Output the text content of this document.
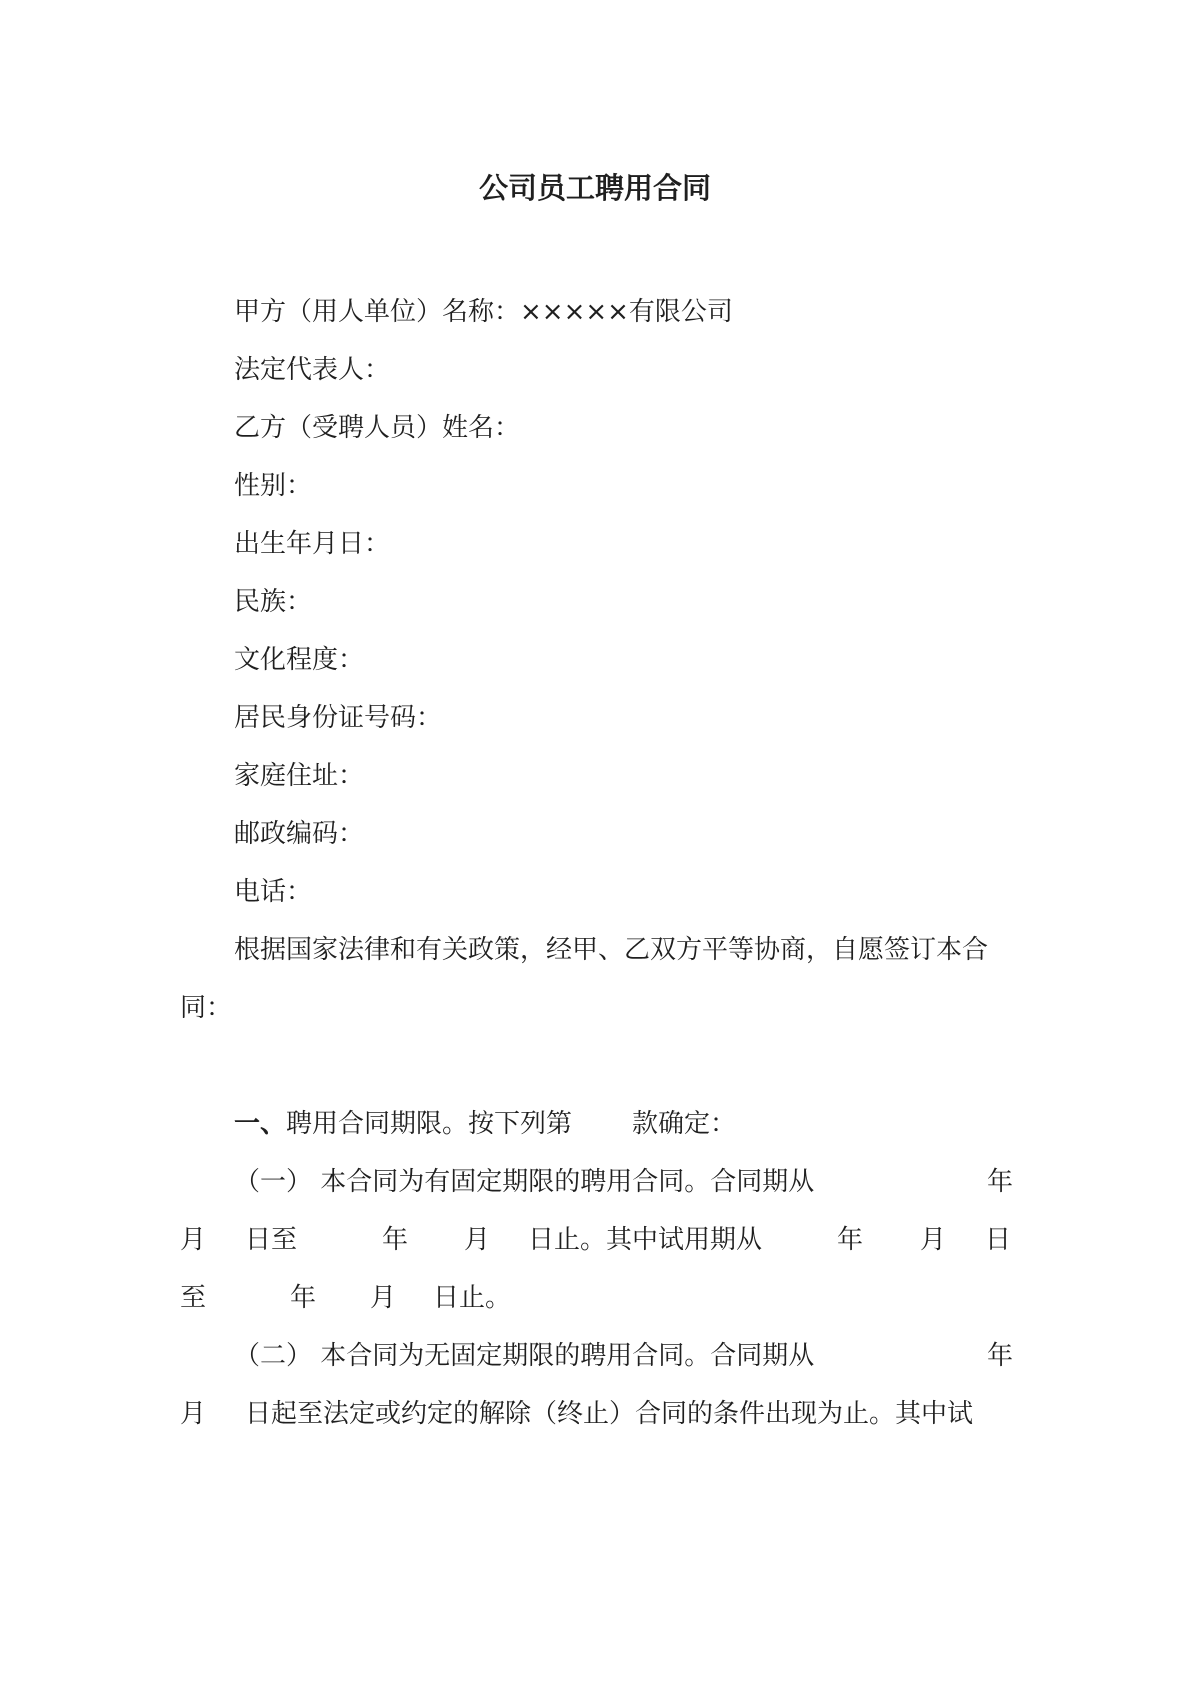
公司员工聘用合同
甲方（用人单位）名称：×××××有限公司
法定代表人：
乙方（受聘人员）姓名：
性别：
出生年月日：
民族：
文化程度：
居民身份证号码：
家庭住址：
邮政编码：
电话：
根据国家法律和有关政策，经甲、乙双方平等协商，自愿签订本合
同：
一、聘用合同期限。按下列第 款确定：
（一） 本合同为有固定期限的聘用合同。合同期从	年
月 日至	年 月 日止。其中试用期从	年 月 日
至	年 月 日止。
（二） 本合同为无固定期限的聘用合同。合同期从	年
月 日起至法定或约定的解除（终止）合同的条件出现为止。其中试
